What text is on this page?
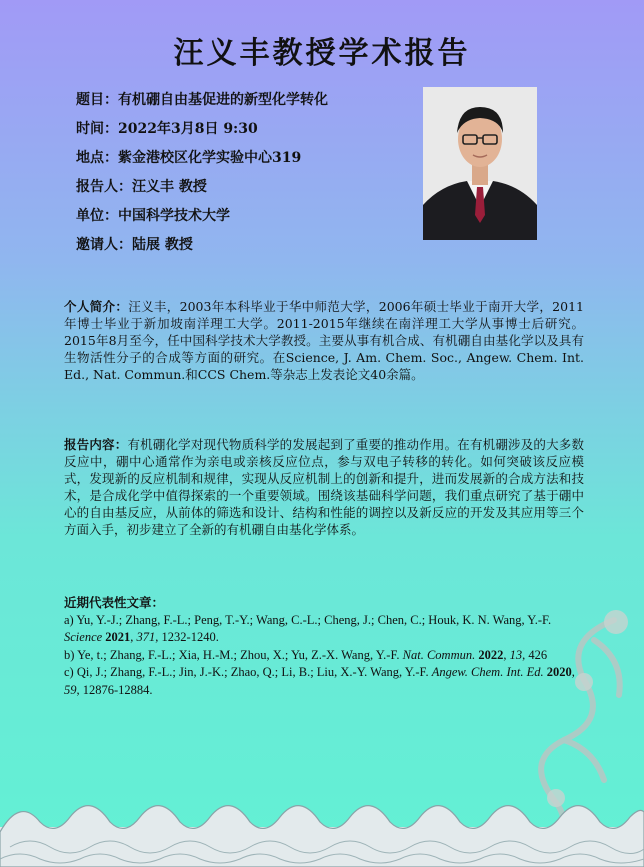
汪义丰教授学术报告
题目：有机硼自由基促进的新型化学转化
时间：2022年3月8日 9:30
地点：紫金港校区化学实验中心319
报告人：汪义丰 教授
单位：中国科学技术大学
邀请人：陆展 教授
个人简介：汪义丰，2003年本科毕业于华中师范大学，2006年硕士毕业于南开大学，2011年博士毕业于新加坡南洋理工大学。2011-2015年继续在南洋理工大学从事博士后研究。2015年8月至今，任中国科学技术大学教授。主要从事有机合成、有机硼自由基化学以及具有生物活性分子的合成等方面的研究。在Science, J. Am. Chem. Soc., Angew. Chem. Int. Ed., Nat. Commun.和CCS Chem.等杂志上发表论文40余篇。
报告内容：有机硼化学对现代物质科学的发展起到了重要的推动作用。在有机硼涉及的大多数反应中，硼中心通常作为亲电或亲核反应位点，参与双电子转移的转化。如何突破该反应模式，发现新的反应机制和规律，实现从反应机制上的创新和提升，进而发展新的合成方法和技术，是合成化学中值得探索的一个重要领域。围绕该基础科学问题，我们重点研究了基于硼中心的自由基反应，从前体的筛选和设计、结构和性能的调控以及新反应的开发及其应用等三个方面入手，初步建立了全新的有机硼自由基化学体系。
近期代表性文章：

a) Yu, Y.-J.; Zhang, F.-L.; Peng, T.-Y.; Wang, C.-L.; Cheng, J.; Chen, C.; Houk, K. N. Wang, Y.-F. Science 2021, 371, 1232-1240.

b) Ye, t.; Zhang, F.-L.; Xia, H.-M.; Zhou, X.; Yu, Z.-X. Wang, Y.-F. Nat. Commun. 2022, 13, 426

c) Qi, J.; Zhang, F.-L.; Jin, J.-K.; Zhao, Q.; Li, B.; Liu, X.-Y. Wang, Y.-F. Angew. Chem. Int. Ed. 2020, 59, 12876-12884.
